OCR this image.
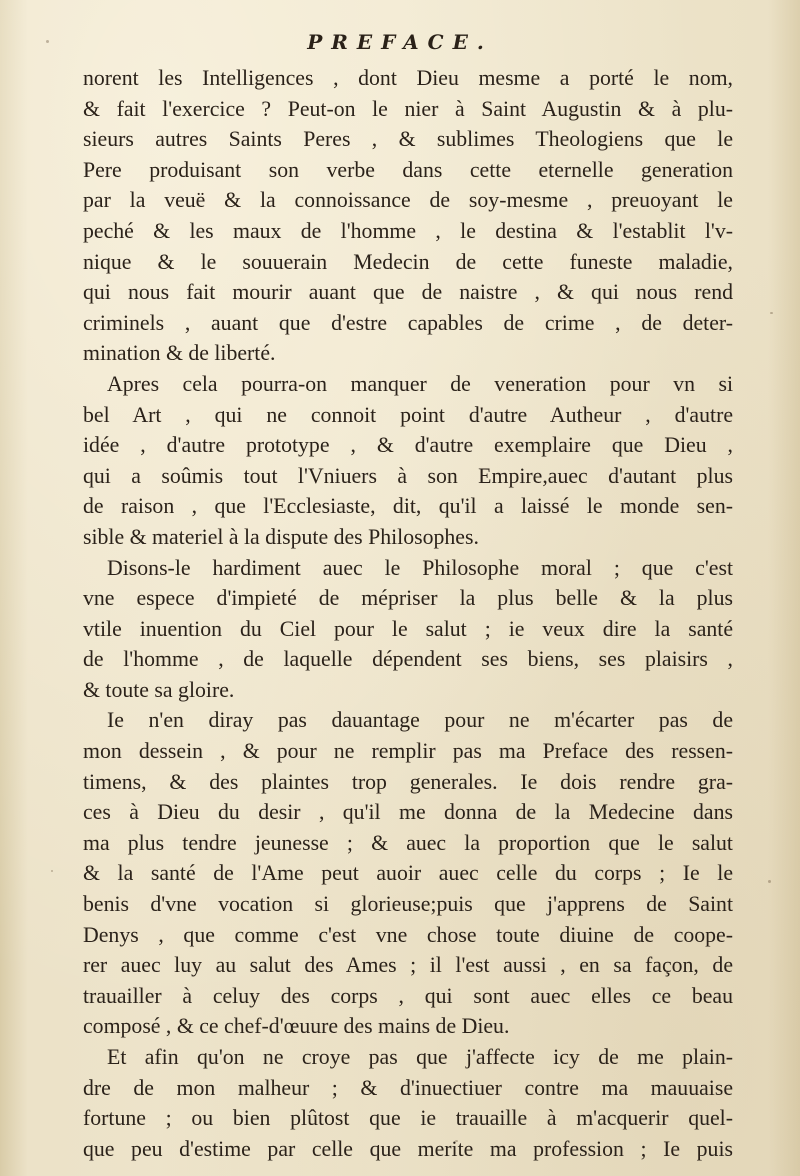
PREFACE.
norent les Intelligences , dont Dieu mesme a porté le nom,
& fait l'exercice ? Peut-on le nier à Saint Augustin & à plu-
sieurs autres Saints Peres , & sublimes Theologiens que le
Pere produisant son verbe dans cette eternelle generation
par la veuë & la connoissance de soy-mesme , preuoyant le
peché & les maux de l'homme , le destina & l'establit l'v-
nique & le souuerain Medecin de cette funeste maladie,
qui nous fait mourir auant que de naistre , & qui nous rend
criminels , auant que d'estre capables de crime , de deter-
mination & de liberté.
Apres cela pourra-on manquer de veneration pour vn si
bel Art , qui ne connoit point d'autre Autheur , d'autre
idée , d'autre prototype , & d'autre exemplaire que Dieu ,
qui a soûmis tout l'Vniuers à son Empire,auec d'autant plus
de raison , que l'Ecclesiaste, dit, qu'il a laissé le monde sen-
sible & materiel à la dispute des Philosophes.
Disons-le hardiment auec le Philosophe moral ; que c'est
vne espece d'impieté de mépriser la plus belle & la plus
vtile inuention du Ciel pour le salut ; ie veux dire la santé
de l'homme , de laquelle dépendent ses biens, ses plaisirs ,
& toute sa gloire.
Ie n'en diray pas dauantage pour ne m'écarter pas de
mon dessein , & pour ne remplir pas ma Preface des ressen-
timens, & des plaintes trop generales. Ie dois rendre gra-
ces à Dieu du desir , qu'il me donna de la Medecine dans
ma plus tendre jeunesse ; & auec la proportion que le salut
& la santé de l'Ame peut auoir auec celle du corps ; Ie le
benis d'vne vocation si glorieuse;puis que j'apprens de Saint
Denys , que comme c'est vne chose toute diuine de coope-
rer auec luy au salut des Ames ; il l'est aussi , en sa façon, de
trauailler à celuy des corps , qui sont auec elles ce beau
composé , & ce chef-d'œuure des mains de Dieu.
Et afin qu'on ne croye pas que j'affecte icy de me plain-
dre de mon malheur ; & d'inuectiuer contre ma mauuaise
fortune ; ou bien plûtost que ie trauaille à m'acquerir quel-
que peu d'estime par celle que merite ma profession ; Ie puis
